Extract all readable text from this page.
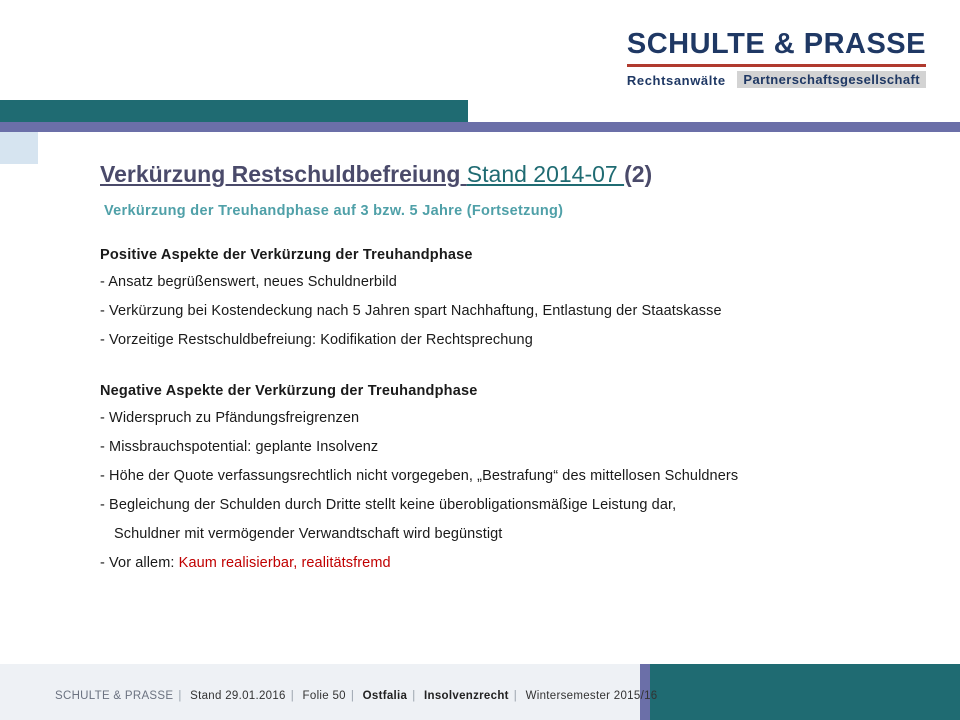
SCHULTE & PRASSE
Rechtsanwälte	Partnerschaftsgesellschaft
Verkürzung Restschuldbefreiung Stand 2014-07 (2)
Verkürzung der Treuhandphase auf 3 bzw. 5 Jahre (Fortsetzung)
Positive Aspekte der Verkürzung der Treuhandphase
- Ansatz begrüßenswert, neues Schuldnerbild
- Verkürzung bei Kostendeckung nach 5 Jahren spart Nachhaftung, Entlastung der Staatskasse
- Vorzeitige Restschuldbefreiung: Kodifikation der Rechtsprechung
Negative Aspekte der Verkürzung der Treuhandphase
- Widerspruch zu Pfändungsfreigrenzen
- Missbrauchspotential: geplante Insolvenz
- Höhe der Quote verfassungsrechtlich nicht vorgegeben, „Bestrafung“ des mittellosen Schuldners
- Begleichung der Schulden durch Dritte stellt keine überobligationsmäßige Leistung dar,
Schuldner mit vermögender Verwandtschaft wird begünstigt
- Vor allem: Kaum realisierbar, realitätsfremd
SCHULTE & PRASSE | Stand 29.01.2016 | Folie 50 | Ostfalia | Insolvenzrecht | Wintersemester 2015/16
